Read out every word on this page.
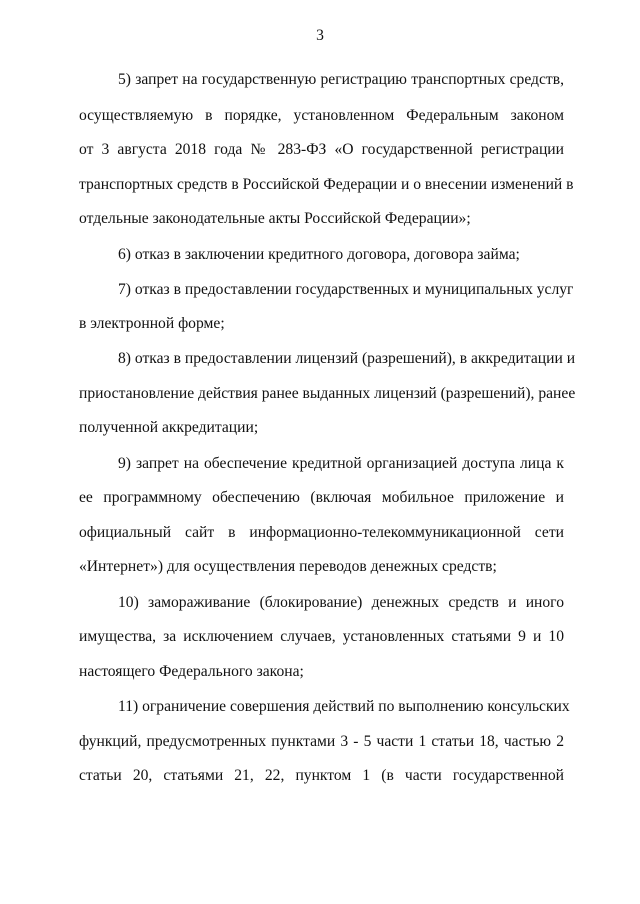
3
5) запрет на государственную регистрацию транспортных средств,
осуществляемую в порядке, установленном Федеральным законом
от 3 августа 2018 года № 283-ФЗ «О государственной регистрации
транспортных средств в Российской Федерации и о внесении изменений в
отдельные законодательные акты Российской Федерации»;
6) отказ в заключении кредитного договора, договора займа;
7) отказ в предоставлении государственных и муниципальных услуг
в электронной форме;
8) отказ в предоставлении лицензий (разрешений), в аккредитации и
приостановление действия ранее выданных лицензий (разрешений), ранее
полученной аккредитации;
9) запрет на обеспечение кредитной организацией доступа лица к
ее программному обеспечению (включая мобильное приложение и
официальный сайт в информационно-телекоммуникационной сети
«Интернет») для осуществления переводов денежных средств;
10) замораживание (блокирование) денежных средств и иного
имущества, за исключением случаев, установленных статьями 9 и 10
настоящего Федерального закона;
11) ограничение совершения действий по выполнению консульских
функций, предусмотренных пунктами 3 - 5 части 1 статьи 18, частью 2
статьи 20, статьями 21, 22, пунктом 1 (в части государственной
